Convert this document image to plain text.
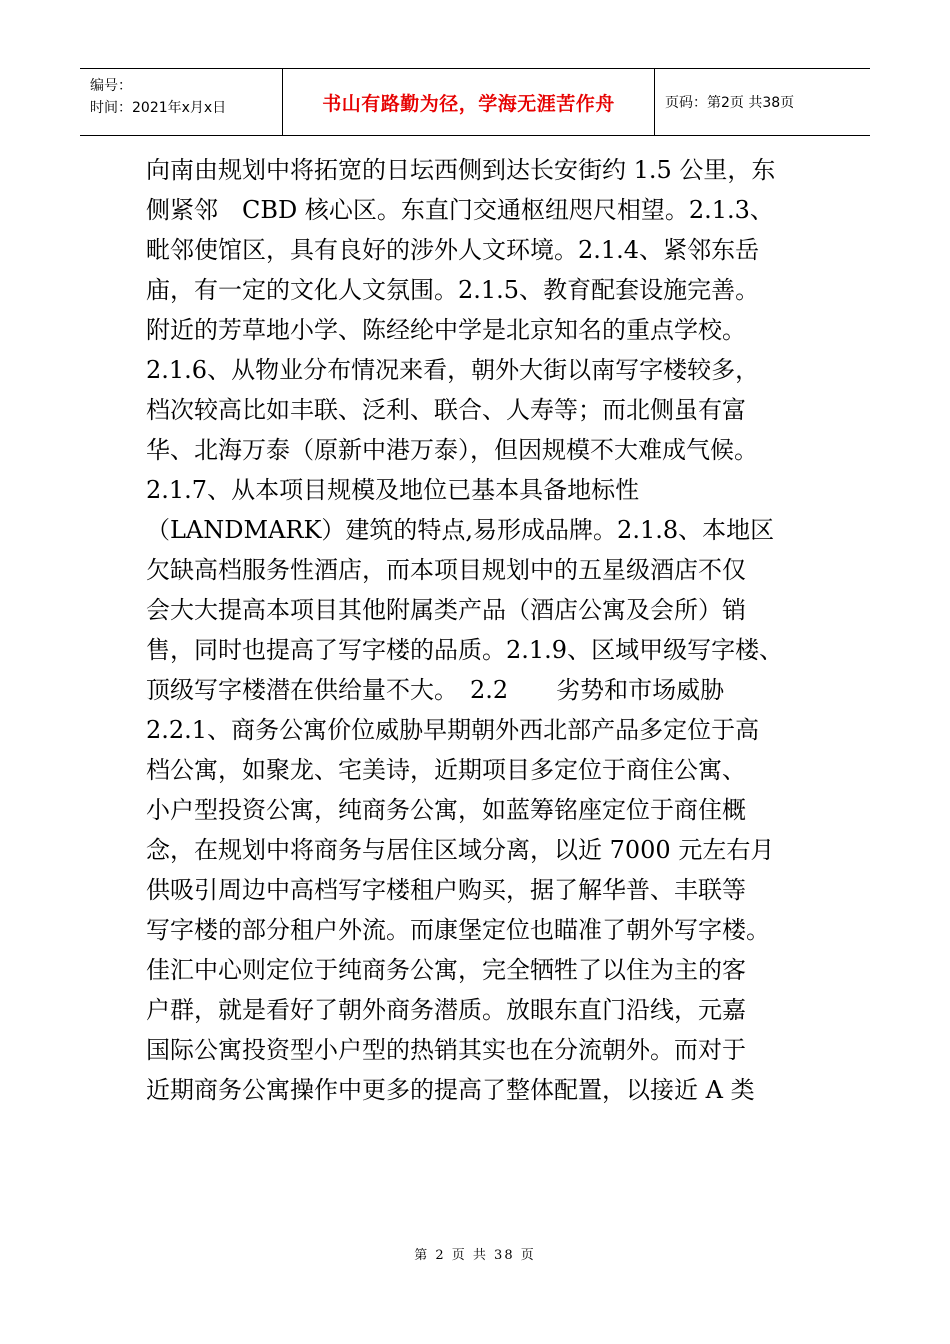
编号：
时间：2021年x月x日	书山有路勤为径，学海无涯苦作舟	页码：第2页 共38页
向南由规划中将拓宽的日坛西侧到达长安街约 1.5 公里，东
侧紧邻　CBD 核心区。东直门交通枢纽咫尺相望。2.1.3、
毗邻使馆区，具有良好的涉外人文环境。2.1.4、紧邻东岳
庙，有一定的文化人文氛围。2.1.5、教育配套设施完善。
附近的芳草地小学、陈经纶中学是北京知名的重点学校。
2.1.6、从物业分布情况来看，朝外大街以南写字楼较多，
档次较高比如丰联、泛利、联合、人寿等；而北侧虽有富
华、北海万泰（原新中港万泰），但因规模不大难成气候。
2.1.7、从本项目规模及地位已基本具备地标性
（LANDMARK）建筑的特点,易形成品牌。2.1.8、本地区
欠缺高档服务性酒店，而本项目规划中的五星级酒店不仅
会大大提高本项目其他附属类产品（酒店公寓及会所）销
售，同时也提高了写字楼的品质。2.1.9、区域甲级写字楼、
顶级写字楼潜在供给量不大。　2.2　　劣势和市场威胁
2.2.1、商务公寓价位威胁早期朝外西北部产品多定位于高
档公寓，如聚龙、宅美诗，近期项目多定位于商住公寓、
小户型投资公寓，纯商务公寓，如蓝筹铭座定位于商住概
念，在规划中将商务与居住区域分离，以近 7000 元左右月
供吸引周边中高档写字楼租户购买，据了解华普、丰联等
写字楼的部分租户外流。而康堡定位也瞄准了朝外写字楼。
佳汇中心则定位于纯商务公寓，完全牺牲了以住为主的客
户群，就是看好了朝外商务潜质。放眼东直门沿线，元嘉
国际公寓投资型小户型的热销其实也在分流朝外。而对于
近期商务公寓操作中更多的提高了整体配置，以接近 A 类
第 2 页 共 38 页
